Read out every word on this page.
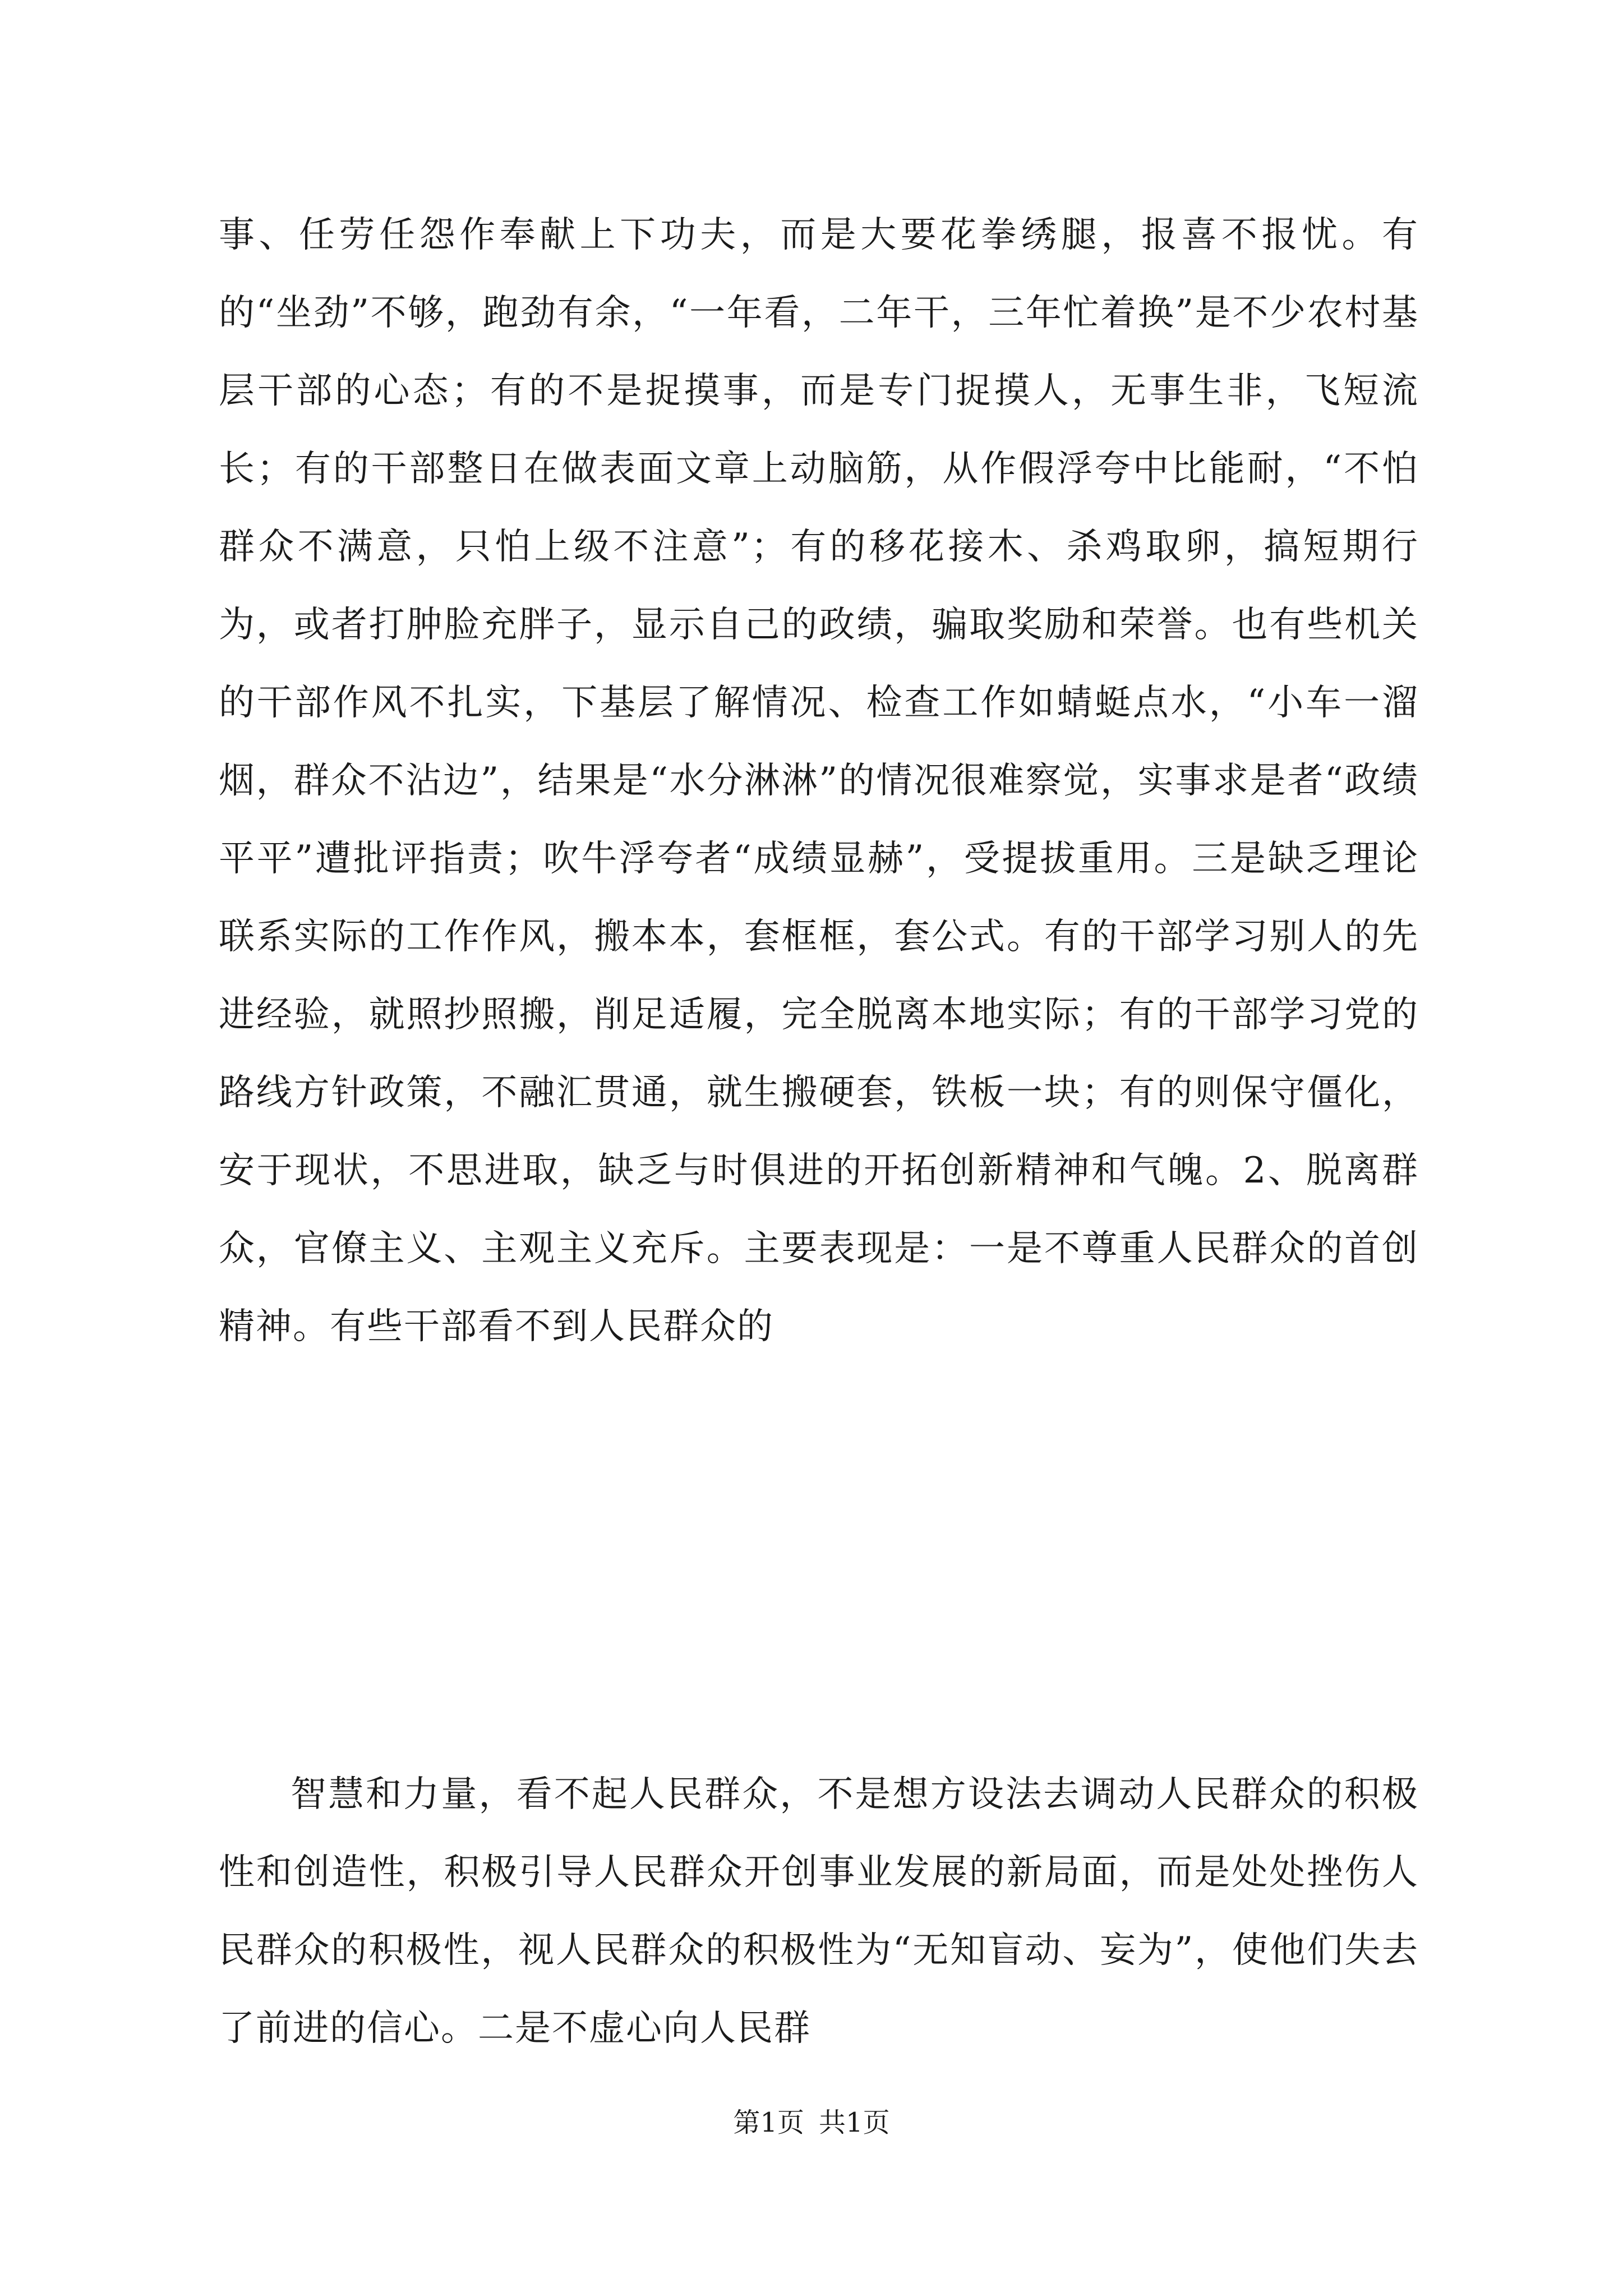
事、任劳任怨作奉献上下功夫，而是大要花拳绣腿，报喜不报忧。有的“坐劲”不够，跑劲有余，“一年看，二年干，三年忙着换”是不少农村基层干部的心态；有的不是捉摸事，而是专门捉摸人，无事生非，飞短流长；有的干部整日在做表面文章上动脑筋，从作假浮夸中比能耐，“不怕群众不满意，只怕上级不注意”；有的移花接木、杀鸡取卵，搞短期行为，或者打肿脸充胖子，显示自己的政绩，骗取奖励和荣誉。也有些机关的干部作风不扎实，下基层了解情况、检查工作如蜻蜓点水，“小车一溜烟，群众不沾边”，结果是“水分淋淋”的情况很难察觉，实事求是者“政绩平平”遭批评指责；吹牛浮夸者“成绩显赫”，受提拔重用。三是缺乏理论联系实际的工作作风，搬本本，套框框，套公式。有的干部学习别人的先进经验，就照抄照搬，削足适履，完全脱离本地实际；有的干部学习党的路线方针政策，不融汇贯通，就生搬硬套，铁板一块；有的则保守僵化，安于现状，不思进取，缺乏与时俱进的开拓创新精神和气魄。2、脱离群众，官僚主义、主观主义充斥。主要表现是：一是不尊重人民群众的首创精神。有些干部看不到人民群众的

智慧和力量，看不起人民群众，不是想方设法去调动人民群众的积极性和创造性，积极引导人民群众开创事业发展的新局面，而是处处挫伤人民群众的积极性，视人民群众的积极性为“无知盲动、妄为”，使他们失去了前进的信心。二是不虚心向人民群

第1页 共1页
